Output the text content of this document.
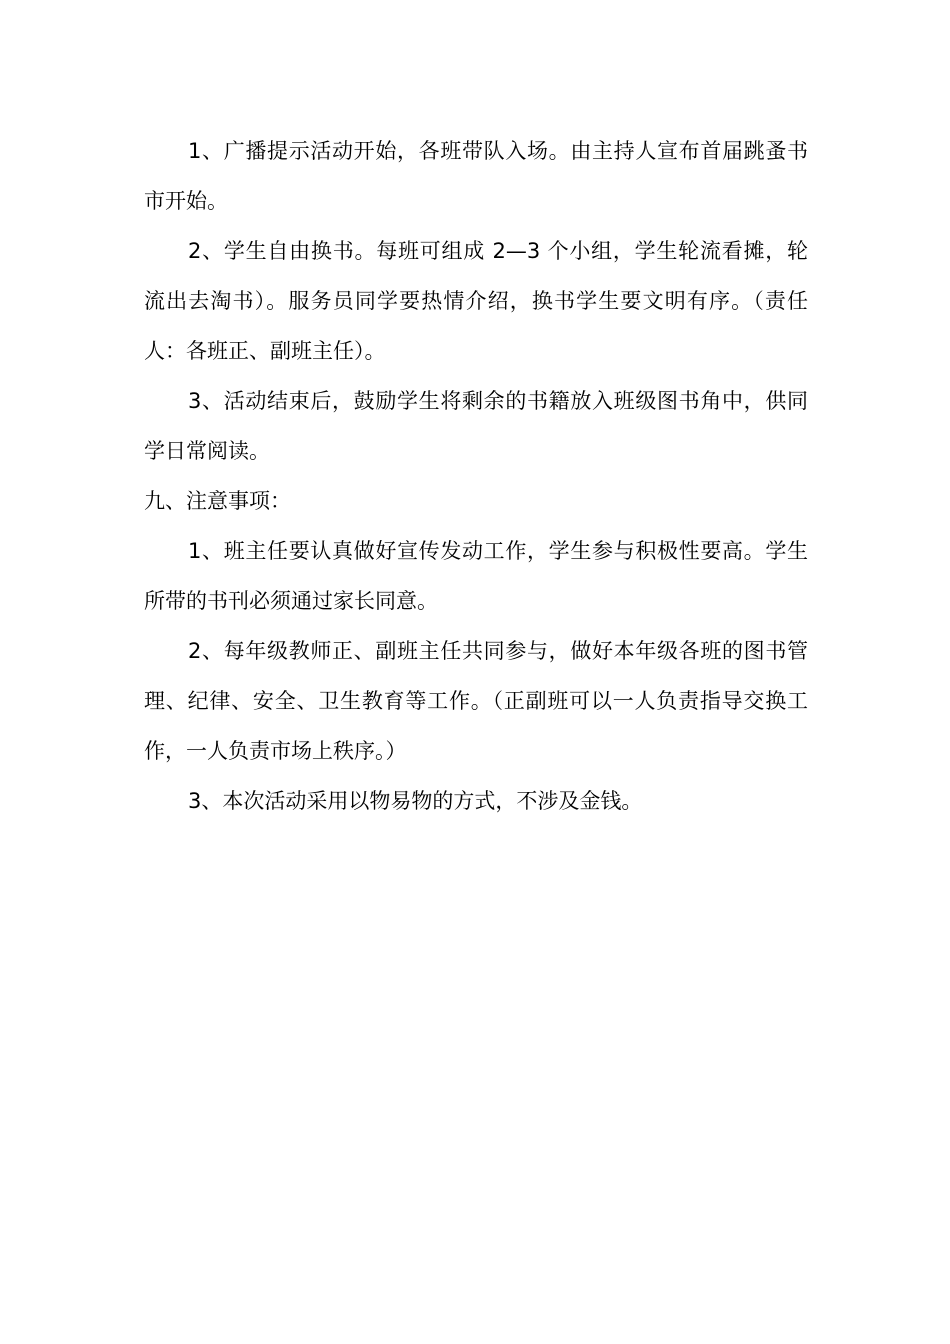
1、广播提示活动开始，各班带队入场。由主持人宣布首届跳蚤书市开始。

2、学生自由换书。每班可组成 2—3 个小组，学生轮流看摊，轮流出去淘书）。服务员同学要热情介绍，换书学生要文明有序。（责任人：各班正、副班主任）。

3、活动结束后，鼓励学生将剩余的书籍放入班级图书角中，供同学日常阅读。

九、注意事项：

1、班主任要认真做好宣传发动工作，学生参与积极性要高。学生所带的书刊必须通过家长同意。

2、每年级教师正、副班主任共同参与，做好本年级各班的图书管理、纪律、安全、卫生教育等工作。（正副班可以一人负责指导交换工作，一人负责市场上秩序。）

3、本次活动采用以物易物的方式，不涉及金钱。
